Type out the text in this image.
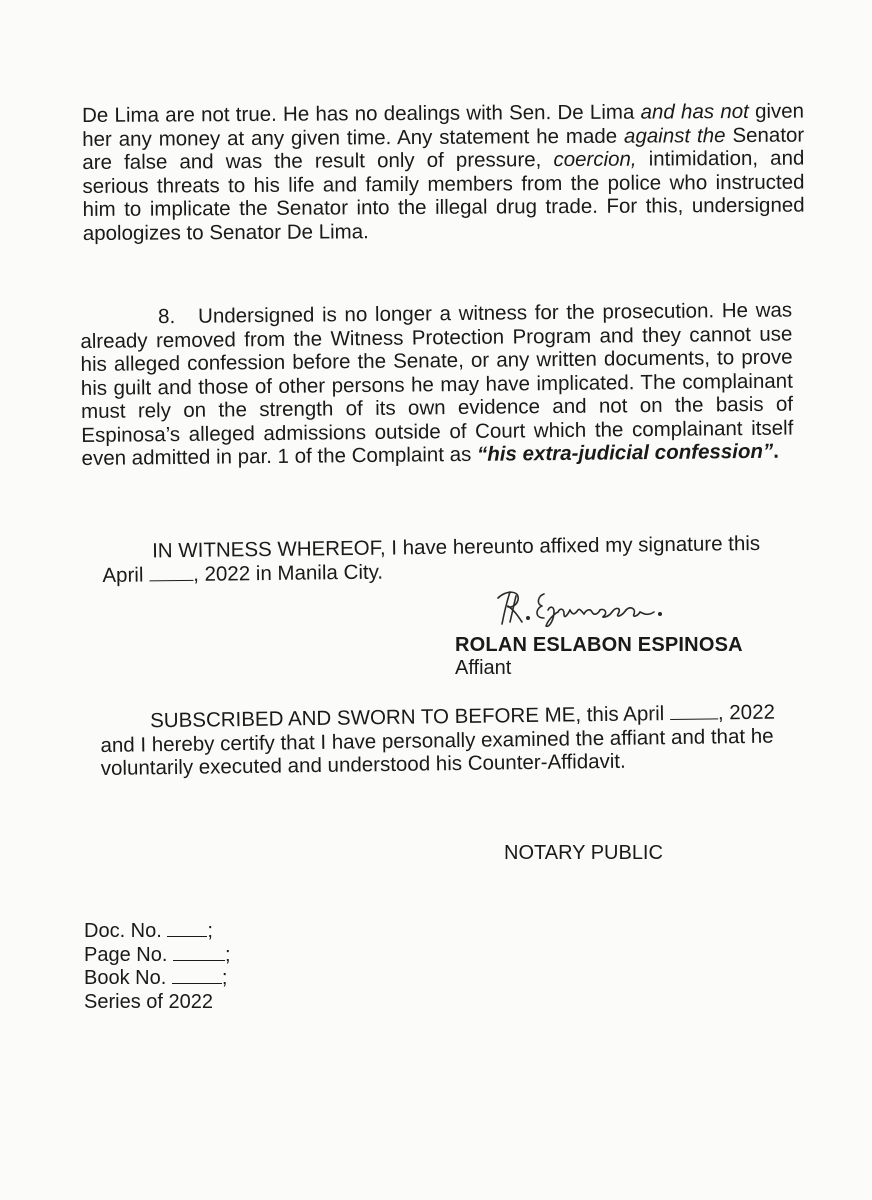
De Lima are not true. He has no dealings with Sen. De Lima and has not given her any money at any given time. Any statement he made against the Senator are false and was the result only of pressure, coercion, intimidation, and serious threats to his life and family members from the police who instructed him to implicate the Senator into the illegal drug trade. For this, undersigned apologizes to Senator De Lima.

8. Undersigned is no longer a witness for the prosecution. He was already removed from the Witness Protection Program and they cannot use his alleged confession before the Senate, or any written documents, to prove his guilt and those of other persons he may have implicated. The complainant must rely on the strength of its own evidence and not on the basis of Espinosa’s alleged admissions outside of Court which the complainant itself even admitted in par. 1 of the Complaint as “his extra-judicial confession”.

IN WITNESS WHEREOF, I have hereunto affixed my signature this
April , 2022 in Manila City.	R. Espinosa.
ROLAN ESLABON ESPINOSA
Affiant
SUBSCRIBED AND SWORN TO BEFORE ME, this April , 2022
and I hereby certify that I have personally examined the affiant and that he voluntarily executed and understood his Counter-Affidavit.
NOTARY PUBLIC
Doc. No. ;
Page No.	;
Book No.	;
Series of 2022
